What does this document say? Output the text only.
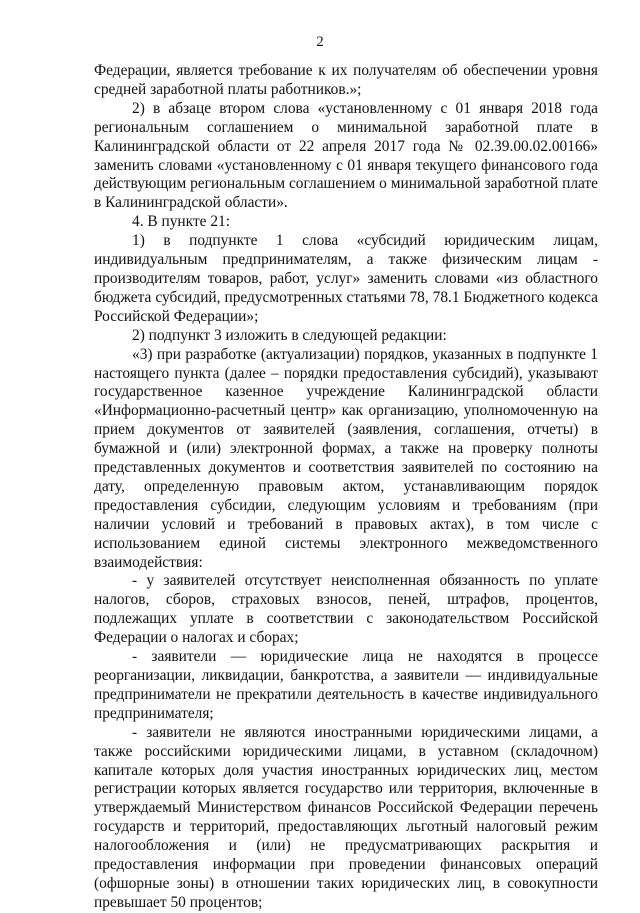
2

Федерации, является требование к их получателям об обеспечении уровня средней заработной платы работников.»;

2) в абзаце втором слова «установленному с 01 января 2018 года региональным соглашением о минимальной заработной плате в Калининградской области от 22 апреля 2017 года № 02.39.00.02.00166» заменить словами «установленному с 01 января текущего финансового года действующим региональным соглашением о минимальной заработной плате в Калининградской области».

4. В пункте 21:

1) в подпункте 1 слова «субсидий юридическим лицам, индивидуальным предпринимателям, а также физическим лицам - производителям товаров, работ, услуг» заменить словами «из областного бюджета субсидий, предусмотренных статьями 78, 78.1 Бюджетного кодекса Российской Федерации»;

2) подпункт 3 изложить в следующей редакции:

«3) при разработке (актуализации) порядков, указанных в подпункте 1 настоящего пункта (далее – порядки предоставления субсидий), указывают государственное казенное учреждение Калининградской области «Информационно-расчетный центр» как организацию, уполномоченную на прием документов от заявителей (заявления, соглашения, отчеты) в бумажной и (или) электронной формах, а также на проверку полноты представленных документов и соответствия заявителей по состоянию на дату, определенную правовым актом, устанавливающим порядок предоставления субсидии, следующим условиям и требованиям (при наличии условий и требований в правовых актах), в том числе с использованием единой системы электронного межведомственного взаимодействия:

- у заявителей отсутствует неисполненная обязанность по уплате налогов, сборов, страховых взносов, пеней, штрафов, процентов, подлежащих уплате в соответствии с законодательством Российской Федерации о налогах и сборах;

- заявители — юридические лица не находятся в процессе реорганизации, ликвидации, банкротства, а заявители — индивидуальные предприниматели не прекратили деятельность в качестве индивидуального предпринимателя;

- заявители не являются иностранными юридическими лицами, а также российскими юридическими лицами, в уставном (складочном) капитале которых доля участия иностранных юридических лиц, местом регистрации которых является государство или территория, включенные в утверждаемый Министерством финансов Российской Федерации перечень государств и территорий, предоставляющих льготный налоговый режим налогообложения и (или) не предусматривающих раскрытия и предоставления информации при проведении финансовых операций (офшорные зоны) в отношении таких юридических лиц, в совокупности превышает 50 процентов;
